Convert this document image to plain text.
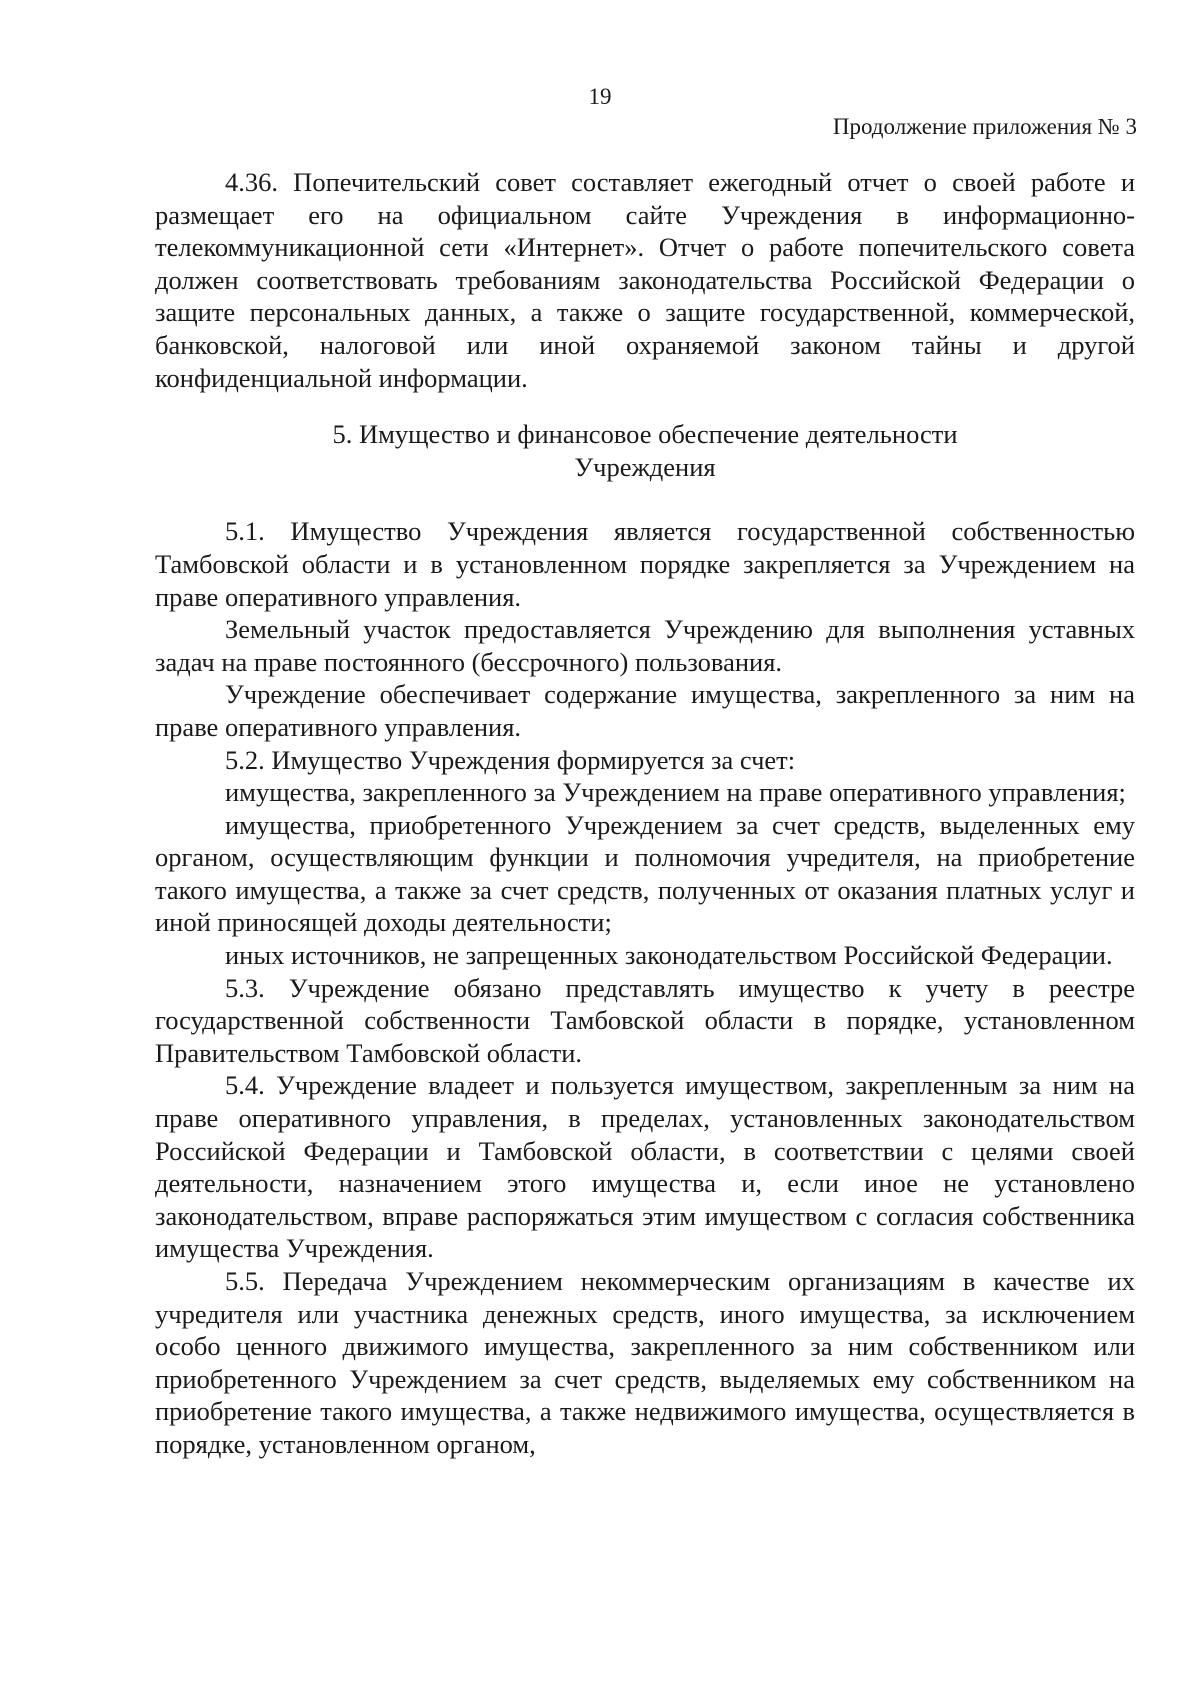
19
Продолжение приложения № 3

4.36. Попечительский совет составляет ежегодный отчет о своей работе и размещает его на официальном сайте Учреждения в информационно-телекоммуникационной сети «Интернет». Отчет о работе попечительского совета должен соответствовать требованиям законодательства Российской Федерации о защите персональных данных, а также о защите государственной, коммерческой, банковской, налоговой или иной охраняемой законом тайны и другой конфиденциальной информации.

5. Имущество и финансовое обеспечение деятельности
Учреждения

5.1. Имущество Учреждения является государственной собственностью Тамбовской области и в установленном порядке закрепляется за Учреждением на праве оперативного управления.

Земельный участок предоставляется Учреждению для выполнения уставных задач на праве постоянного (бессрочного) пользования.

Учреждение обеспечивает содержание имущества, закрепленного за ним на праве оперативного управления.

5.2. Имущество Учреждения формируется за счет:

имущества, закрепленного за Учреждением на праве оперативного управления;

имущества, приобретенного Учреждением за счет средств, выделенных ему органом, осуществляющим функции и полномочия учредителя, на приобретение такого имущества, а также за счет средств, полученных от оказания платных услуг и иной приносящей доходы деятельности;

иных источников, не запрещенных законодательством Российской Федерации.

5.3. Учреждение обязано представлять имущество к учету в реестре государственной собственности Тамбовской области в порядке, установленном Правительством Тамбовской области.

5.4. Учреждение владеет и пользуется имуществом, закрепленным за ним на праве оперативного управления, в пределах, установленных законодательством Российской Федерации и Тамбовской области, в соответствии с целями своей деятельности, назначением этого имущества и, если иное не установлено законодательством, вправе распоряжаться этим имуществом с согласия собственника имущества Учреждения.

5.5. Передача Учреждением некоммерческим организациям в качестве их учредителя или участника денежных средств, иного имущества, за исключением особо ценного движимого имущества, закрепленного за ним собственником или приобретенного Учреждением за счет средств, выделяемых ему собственником на приобретение такого имущества, а также недвижимого имущества, осуществляется в порядке, установленном органом,
